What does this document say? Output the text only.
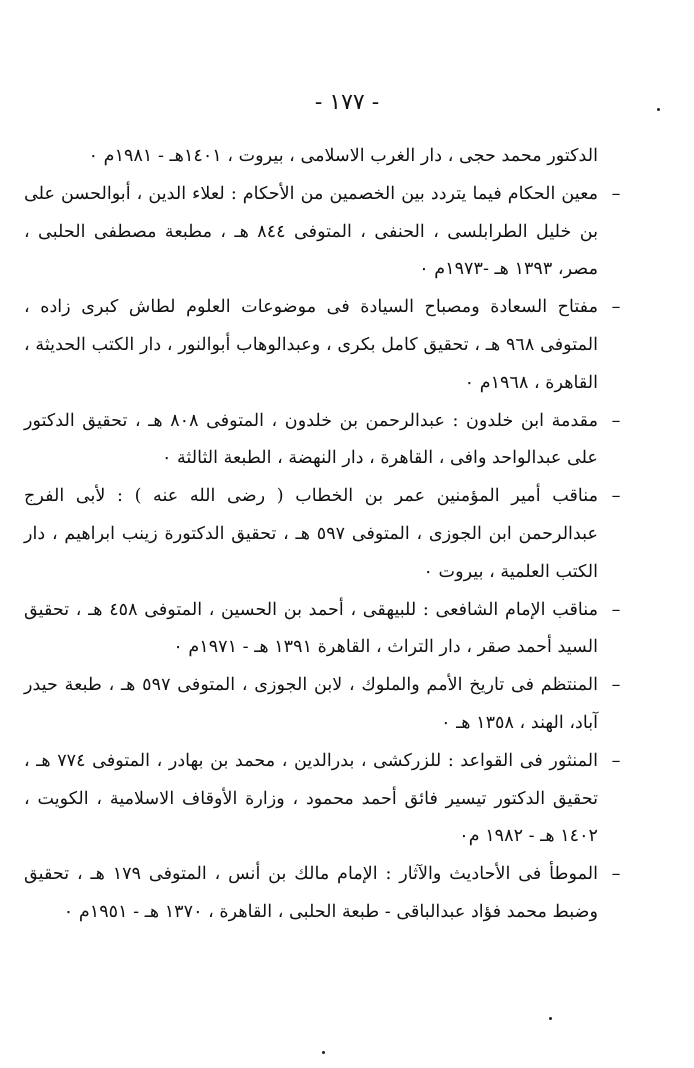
- ١٧٧ -

الدكتور محمد حجى ، دار الغرب الاسلامى ، بيروت ، ١٤٠١هـ - ١٩٨١م ٠

–معين الحكام فيما يتردد بين الخصمين من الأحكام : لعلاء الدين ، أبوالحسن على بن خليل الطرابلسى ، الحنفى ، المتوفى ٨٤٤ هـ ، مطبعة مصطفى الحلبى ، مصر، ١٣٩٣ هـ -١٩٧٣م ٠

–مفتاح السعادة ومصباح السيادة فى موضوعات العلوم لطاش كبرى زاده ، المتوفى ٩٦٨ هـ ، تحقيق كامل بكرى ، وعبدالوهاب أبوالنور ، دار الكتب الحديثة ، القاهرة ، ١٩٦٨م ٠

–مقدمة ابن خلدون : عبدالرحمن بن خلدون ، المتوفى ٨٠٨ هـ ، تحقيق الدكتور على عبدالواحد وافى ، القاهرة ، دار النهضة ، الطبعة الثالثة ٠

–مناقب أمير المؤمنين عمر بن الخطاب ( رضى الله عنه ) : لأبى الفرج عبدالرحمن ابن الجوزى ، المتوفى ٥٩٧ هـ ، تحقيق الدكتورة زينب ابراهيم ، دار الكتب العلمية ، بيروت ٠

–مناقب الإمام الشافعى : للبيهقى ، أحمد بن الحسين ، المتوفى ٤٥٨ هـ ، تحقيق السيد أحمد صقر ، دار التراث ، القاهرة ١٣٩١ هـ - ١٩٧١م ٠

–المنتظم فى تاريخ الأمم والملوك ، لابن الجوزى ، المتوفى ٥٩٧ هـ ، طبعة حيدر آباد، الهند ، ١٣٥٨ هـ ٠

–المنثور فى القواعد : للزركشى ، بدرالدين ، محمد بن بهادر ، المتوفى ٧٧٤ هـ ، تحقيق الدكتور تيسير فائق أحمد محمود ، وزارة الأوقاف الاسلامية ، الكويت ، ١٤٠٢ هـ - ١٩٨٢ م٠

–الموطأ فى الأحاديث والآثار : الإمام مالك بن أنس ، المتوفى ١٧٩ هـ ، تحقيق وضبط محمد فؤاد عبدالباقى - طبعة الحلبى ، القاهرة ، ١٣٧٠ هـ - ١٩٥١م ٠
